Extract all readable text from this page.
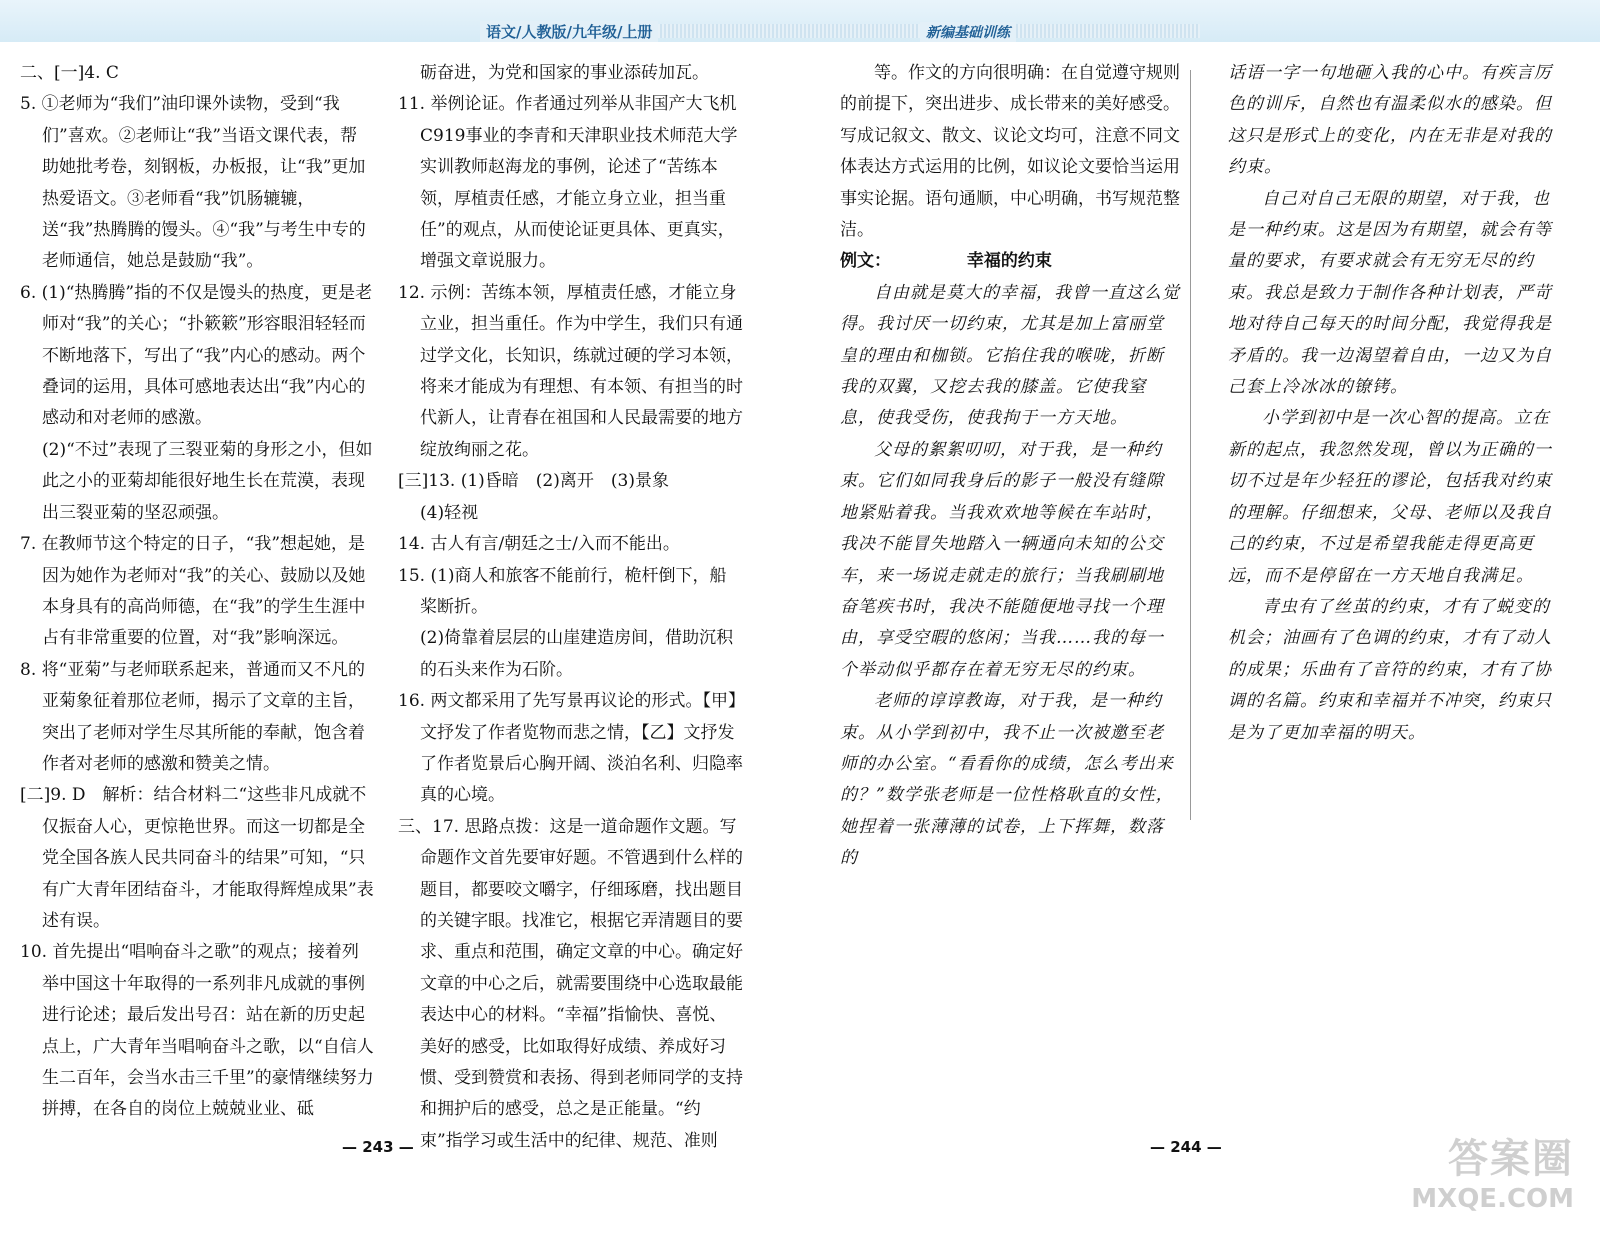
语文/人教版/九年级/上册	新编基础训练

二、[一]4. C

5. ①老师为“我们”油印课外读物，受到“我们”喜欢。②老师让“我”当语文课代表，帮助她批考卷，刻钢板，办板报，让“我”更加热爱语文。③老师看“我”饥肠辘辘，送“我”热腾腾的馒头。④“我”与考生中专的老师通信，她总是鼓励“我”。

6. (1)“热腾腾”指的不仅是馒头的热度，更是老师对“我”的关心；“扑簌簌”形容眼泪轻轻而不断地落下，写出了“我”内心的感动。两个叠词的运用，具体可感地表达出“我”内心的感动和对老师的感激。

(2)“不过”表现了三裂亚菊的身形之小，但如此之小的亚菊却能很好地生长在荒漠，表现出三裂亚菊的坚忍顽强。

7. 在教师节这个特定的日子，“我”想起她，是因为她作为老师对“我”的关心、鼓励以及她本身具有的高尚师德，在“我”的学生生涯中占有非常重要的位置，对“我”影响深远。

8. 将“亚菊”与老师联系起来，普通而又不凡的亚菊象征着那位老师，揭示了文章的主旨，突出了老师对学生尽其所能的奉献，饱含着作者对老师的感激和赞美之情。

[二]9. D　解析：结合材料二“这些非凡成就不仅振奋人心，更惊艳世界。而这一切都是全党全国各族人民共同奋斗的结果”可知，“只有广大青年团结奋斗，才能取得辉煌成果”表述有误。

10. 首先提出“唱响奋斗之歌”的观点；接着列举中国这十年取得的一系列非凡成就的事例进行论述；最后发出号召：站在新的历史起点上，广大青年当唱响奋斗之歌，以“自信人生二百年，会当水击三千里”的豪情继续努力拼搏，在各自的岗位上兢兢业业、砥

砺奋进，为党和国家的事业添砖加瓦。

11. 举例论证。作者通过列举从非国产大飞机C919事业的李青和天津职业技术师范大学实训教师赵海龙的事例，论述了“苦练本领，厚植责任感，才能立身立业，担当重任”的观点，从而使论证更具体、更真实，增强文章说服力。

12. 示例：苦练本领，厚植责任感，才能立身立业，担当重任。作为中学生，我们只有通过学文化，长知识，练就过硬的学习本领，将来才能成为有理想、有本领、有担当的时代新人，让青春在祖国和人民最需要的地方绽放绚丽之花。

[三]13. (1)昏暗　(2)离开　(3)景象

(4)轻视

14. 古人有言/朝廷之士/入而不能出。

15. (1)商人和旅客不能前行，桅杆倒下，船桨断折。

(2)倚靠着层层的山崖建造房间，借助沉积的石头来作为石阶。

16. 两文都采用了先写景再议论的形式。【甲】文抒发了作者览物而悲之情，【乙】文抒发了作者览景后心胸开阔、淡泊名利、归隐率真的心境。

三、17. 思路点拨：这是一道命题作文题。写命题作文首先要审好题。不管遇到什么样的题目，都要咬文嚼字，仔细琢磨，找出题目的关键字眼。找准它，根据它弄清题目的要求、重点和范围，确定文章的中心。确定好文章的中心之后，就需要围绕中心选取最能表达中心的材料。“幸福”指愉快、喜悦、美好的感受，比如取得好成绩、养成好习惯、受到赞赏和表扬、得到老师同学的支持和拥护后的感受，总之是正能量。“约束”指学习或生活中的纪律、规范、准则

— 243 —

等。作文的方向很明确：在自觉遵守规则的前提下，突出进步、成长带来的美好感受。写成记叙文、散文、议论文均可，注意不同文体表达方式运用的比例，如议论文要恰当运用事实论据。语句通顺，中心明确，书写规范整洁。

例文：	幸福的约束

自由就是莫大的幸福，我曾一直这么觉得。我讨厌一切约束，尤其是加上富丽堂皇的理由和枷锁。它掐住我的喉咙，折断我的双翼，又挖去我的膝盖。它使我窒息，使我受伤，使我拘于一方天地。

父母的絮絮叨叨，对于我，是一种约束。它们如同我身后的影子一般没有缝隙地紧贴着我。当我欢欢地等候在车站时，我决不能冒失地踏入一辆通向未知的公交车，来一场说走就走的旅行；当我刷刷地奋笔疾书时，我决不能随便地寻找一个理由，享受空暇的悠闲；当我……我的每一个举动似乎都存在着无穷无尽的约束。

老师的谆谆教诲，对于我，是一种约束。从小学到初中，我不止一次被邀至老师的办公室。“看看你的成绩，怎么考出来的？”数学张老师是一位性格耿直的女性，她捏着一张薄薄的试卷，上下挥舞，数落的

话语一字一句地砸入我的心中。有疾言厉色的训斥，自然也有温柔似水的感染。但这只是形式上的变化，内在无非是对我的约束。

自己对自己无限的期望，对于我，也是一种约束。这是因为有期望，就会有等量的要求，有要求就会有无穷无尽的约束。我总是致力于制作各种计划表，严苛地对待自己每天的时间分配，我觉得我是矛盾的。我一边渴望着自由，一边又为自己套上冷冰冰的镣铐。

小学到初中是一次心智的提高。立在新的起点，我忽然发现，曾以为正确的一切不过是年少轻狂的谬论，包括我对约束的理解。仔细想来，父母、老师以及我自己的约束，不过是希望我能走得更高更远，而不是停留在一方天地自我满足。

青虫有了丝茧的约束，才有了蜕变的机会；油画有了色调的约束，才有了动人的成果；乐曲有了音符的约束，才有了协调的名篇。约束和幸福并不冲突，约束只是为了更加幸福的明天。

— 244 —	答案圈
MXQE.COM
